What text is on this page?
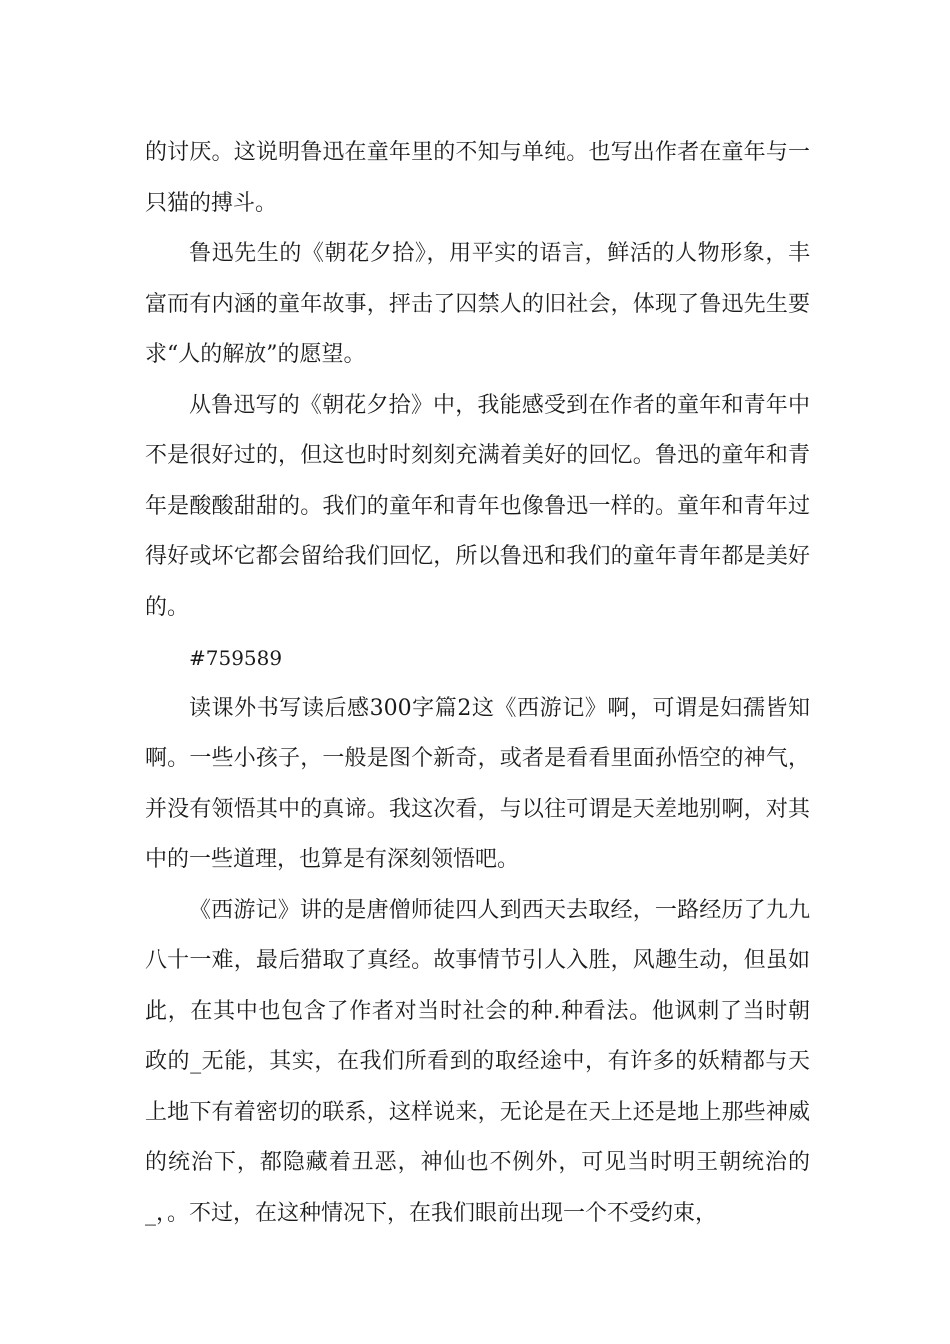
的讨厌。这说明鲁迅在童年里的不知与单纯。也写出作者在童年与一只猫的搏斗。

鲁迅先生的《朝花夕拾》，用平实的语言，鲜活的人物形象，丰富而有内涵的童年故事，抨击了囚禁人的旧社会，体现了鲁迅先生要求“人的解放”的愿望。

从鲁迅写的《朝花夕拾》中，我能感受到在作者的童年和青年中不是很好过的，但这也时时刻刻充满着美好的回忆。鲁迅的童年和青年是酸酸甜甜的。我们的童年和青年也像鲁迅一样的。童年和青年过得好或坏它都会留给我们回忆，所以鲁迅和我们的童年青年都是美好的。

#759589

读课外书写读后感300字篇2这《西游记》啊，可谓是妇孺皆知啊。一些小孩子，一般是图个新奇，或者是看看里面孙悟空的神气，并没有领悟其中的真谛。我这次看，与以往可谓是天差地别啊，对其中的一些道理，也算是有深刻领悟吧。

《西游记》讲的是唐僧师徒四人到西天去取经，一路经历了九九八十一难，最后猎取了真经。故事情节引人入胜，风趣生动，但虽如此，在其中也包含了作者对当时社会的种.种看法。他讽刺了当时朝政的_无能，其实，在我们所看到的取经途中，有许多的妖精都与天上地下有着密切的联系，这样说来，无论是在天上还是地上那些神威的统治下，都隐藏着丑恶，神仙也不例外，可见当时明王朝统治的_，。不过，在这种情况下，在我们眼前出现一个不受约束，
